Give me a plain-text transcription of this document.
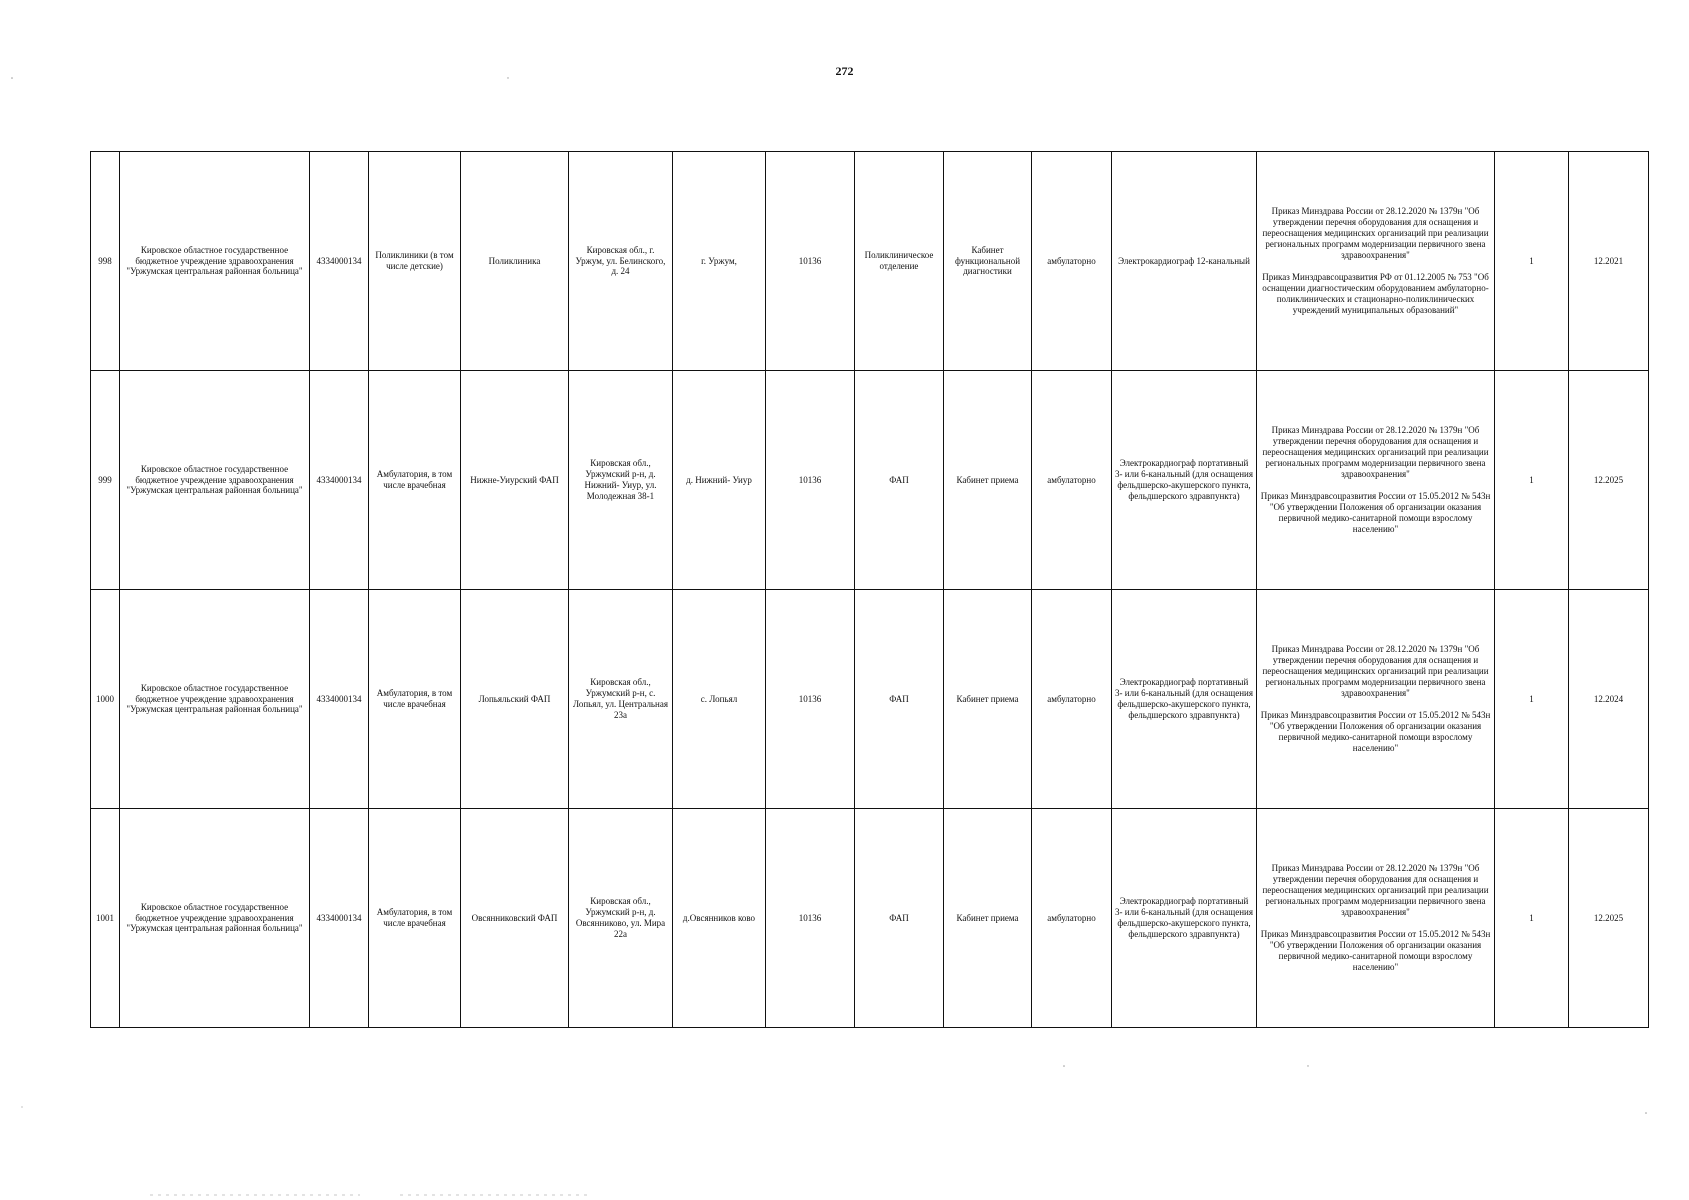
272
998	Кировское областное государственное бюджетное учреждение здравоохранения "Уржумская центральная районная больница"	4334000134	Поликлиники (в том числе детские)	Поликлиника	Кировская обл., г. Уржум, ул. Белинского, д. 24	г. Уржум,	10136	Поликлиническое отделение	Кабинет функциональной диагностики	амбулаторно	Электрокардиограф 12-канальный	Приказ Минздрава России от 28.12.2020 № 1379н "Об утверждении перечня оборудования для оснащения и переоснащения медицинских организаций при реализации региональных программ модернизации первичного звена здравоохранения"
Приказ Минздравсоцразвития РФ от 01.12.2005 № 753 "Об оснащении диагностическим оборудованием амбулаторно-поликлинических и стационарно-поликлинических учреждений муниципальных образований"	1	12.2021
999	Кировское областное государственное бюджетное учреждение здравоохранения "Уржумская центральная районная больница"	4334000134	Амбулатория, в том числе врачебная	Нижне-Уиурский ФАП	Кировская обл., Уржумский р-н, д. Нижний- Уиур, ул. Молодежная 38-1	д. Нижний- Уиур	10136	ФАП	Кабинет приема	амбулаторно	Электрокардиограф портативный 3- или 6-канальный (для оснащения фельдшерско-акушерского пункта, фельдшерского здравпункта)	Приказ Минздрава России от 28.12.2020 № 1379н "Об утверждении перечня оборудования для оснащения и переоснащения медицинских организаций при реализации региональных программ модернизации первичного звена здравоохранения"
Приказ Минздравсоцразвития России от 15.05.2012 № 543н "Об утверждении Положения об организации оказания первичной медико-санитарной помощи взрослому населению"	1	12.2025
1000	Кировское областное государственное бюджетное учреждение здравоохранения "Уржумская центральная районная больница"	4334000134	Амбулатория, в том числе врачебная	Лопьяльский ФАП	Кировская обл., Уржумский р-н, с. Лопьял, ул. Центральная 23а	с. Лопьял	10136	ФАП	Кабинет приема	амбулаторно	Электрокардиограф портативный 3- или 6-канальный (для оснащения фельдшерско-акушерского пункта, фельдшерского здравпункта)	Приказ Минздрава России от 28.12.2020 № 1379н "Об утверждении перечня оборудования для оснащения и переоснащения медицинских организаций при реализации региональных программ модернизации первичного звена здравоохранения"
Приказ Минздравсоцразвития России от 15.05.2012 № 543н "Об утверждении Положения об организации оказания первичной медико-санитарной помощи взрослому населению"	1	12.2024
1001	Кировское областное государственное бюджетное учреждение здравоохранения "Уржумская центральная районная больница"	4334000134	Амбулатория, в том числе врачебная	Овсянниковский ФАП	Кировская обл., Уржумский р-н, д. Овсянниково, ул. Мира 22а	д.Овсянников ково	10136	ФАП	Кабинет приема	амбулаторно	Электрокардиограф портативный 3- или 6-канальный (для оснащения фельдшерско-акушерского пункта, фельдшерского здравпункта)	Приказ Минздрава России от 28.12.2020 № 1379н "Об утверждении перечня оборудования для оснащения и переоснащения медицинских организаций при реализации региональных программ модернизации первичного звена здравоохранения"
Приказ Минздравсоцразвития России от 15.05.2012 № 543н "Об утверждении Положения об организации оказания первичной медико-санитарной помощи взрослому населению"	1	12.2025
